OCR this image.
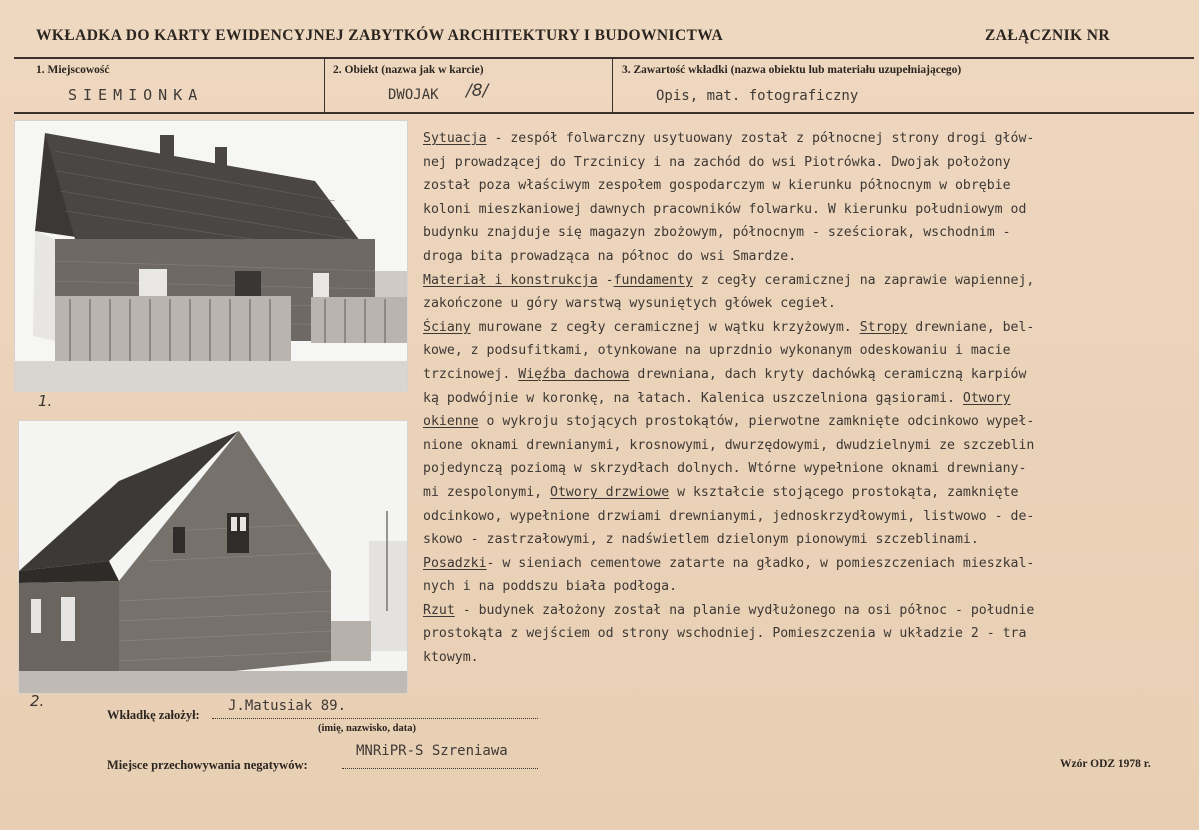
WKŁADKA DO KARTY EWIDENCYJNEJ ZABYTKÓW ARCHITEKTURY I BUDOWNICTWA	ZAŁĄCZNIK NR
1. Miejscowość
SIEMIONKA
2. Obiekt (nazwa jak w karcie)
DWOJAK /8/
3. Zawartość wkładki (nazwa obiektu lub materiału uzupełniającego)
Opis, mat. fotograficzny
1.
2.
Sytuacja - zespół folwarczny usytuowany został z północnej strony drogi głów-
nej prowadzącej do Trzcinicy i na zachód do wsi Piotrówka. Dwojak położony
został poza właściwym zespołem gospodarczym w kierunku północnym w obrębie
koloni mieszkaniowej dawnych pracowników folwarku. W kierunku południowym od
budynku znajduje się magazyn zbożowym, północnym - sześciorak, wschodnim -
droga bita prowadząca na północ do wsi Smardze.
Materiał i konstrukcja -fundamenty z cegły ceramicznej na zaprawie wapiennej,
zakończone u góry warstwą wysuniętych główek cegieł.
Ściany murowane z cegły ceramicznej w wątku krzyżowym. Stropy drewniane, bel-
kowe, z podsufitkami, otynkowane na uprzdnio wykonanym odeskowaniu i macie
trzcinowej. Więźba dachowa drewniana, dach kryty dachówką ceramiczną karpiów
ką podwójnie w koronkę, na łatach. Kalenica uszczelniona gąsiorami. Otwory
okienne o wykroju stojących prostokątów, pierwotne zamknięte odcinkowo wypeł-
nione oknami drewnianymi, krosnowymi, dwurzędowymi, dwudzielnymi ze szczeblin
pojedynczą poziomą w skrzydłach dolnych. Wtórne wypełnione oknami drewniany-
mi zespolonymi, Otwory drzwiowe w kształcie stojącego prostokąta, zamknięte
odcinkowo, wypełnione drzwiami drewnianymi, jednoskrzydłowymi, listwowo - de-
skowo - zastrzałowymi, z nadświetlem dzielonym pionowymi szczeblinami.
Posadzki- w sieniach cementowe zatarte na gładko, w pomieszczeniach mieszkal-
nych i na poddszu biała podłoga.
Rzut - budynek założony został na planie wydłużonego na osi północ - południe
prostokąta z wejściem od strony wschodniej. Pomieszczenia w układzie 2 - tra
ktowym.
Wkładkę założył:
J.Matusiak 89.
(imię, nazwisko, data)
Miejsce przechowywania negatywów:
MNRiPR-S Szreniawa
Wzór ODZ 1978 r.
